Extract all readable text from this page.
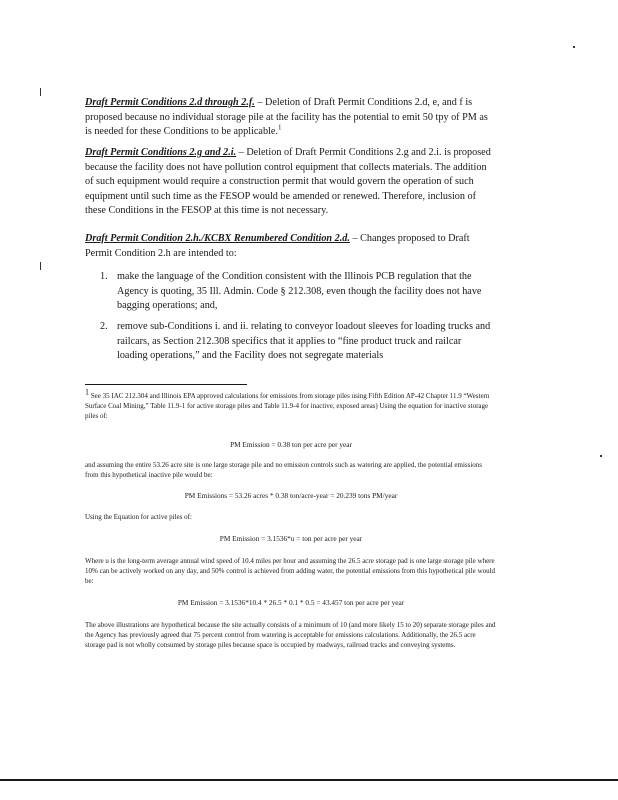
Draft Permit Conditions 2.d through 2.f. – Deletion of Draft Permit Conditions 2.d, e, and f is proposed because no individual storage pile at the facility has the potential to emit 50 tpy of PM as is needed for these Conditions to be applicable.$^1$
Draft Permit Conditions 2.g and 2.i. – Deletion of Draft Permit Conditions 2.g and 2.i. is proposed because the facility does not have pollution control equipment that collects materials. The addition of such equipment would require a construction permit that would govern the operation of such equipment until such time as the FESOP would be amended or renewed. Therefore, inclusion of these Conditions in the FESOP at this time is not necessary.
Draft Permit Condition 2.h./KCBX Renumbered Condition 2.d. – Changes proposed to Draft Permit Condition 2.h are intended to:
1. make the language of the Condition consistent with the Illinois PCB regulation that the Agency is quoting, 35 Ill. Admin. Code § 212.308, even though the facility does not have bagging operations; and,
2. remove sub-Conditions i. and ii. relating to conveyor loadout sleeves for loading trucks and railcars, as Section 212.308 specifics that it applies to “fine product truck and railcar loading operations,” and the Facility does not segregate materials
1 See 35 IAC 212.304 and Illinois EPA approved calculations for emissions from storage piles using Fifth Edition AP-42 Chapter 11.9 “Western Surface Coal Mining,” Table 11.9-1 for active storage piles and Table 11.9-4 for inactive, exposed areas) Using the equation for inactive storage piles of:
PM Emission = 0.38 ton per acre per year
and assuming the entire 53.26 acre site is one large storage pile and no emission controls such as watering are applied, the potential emissions from this hypothetical inactive pile would be:
PM Emissions = 53.26 acres * 0.38 ton/acre-year = 20.239 tons PM/year
Using the Equation for active piles of:
PM Emission = 3.1536*u = ton per acre per year
Where u is the long-term average annual wind speed of 10.4 miles per hour and assuming the 26.5 acre storage pad is one large storage pile where 10% can be actively worked on any day, and 50% control is achieved from adding water, the potential emissions from this hypothetical pile would be:
PM Emission = 3.1536*10.4 * 26.5 * 0.1 * 0.5 = 43.457 ton per acre per year
The above illustrations are hypothetical because the site actually consists of a minimum of 10 (and more likely 15 to 20) separate storage piles and the Agency has previously agreed that 75 percent control from watering is acceptable for emissions calculations. Additionally, the 26.5 acre storage pad is not wholly consumed by storage piles because space is occupied by roadways, railroad tracks and conveying systems.
